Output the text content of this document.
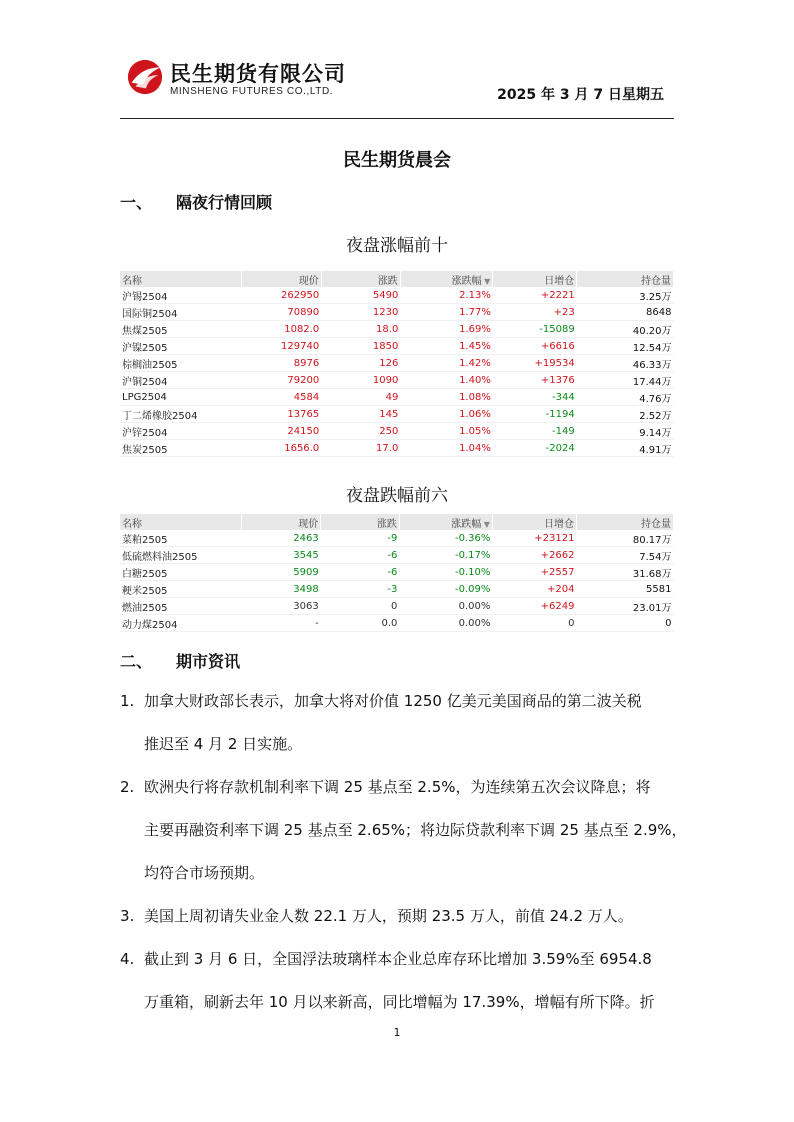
民生期货有限公司
MINSHENG FUTURES CO.,LTD.	2025 年 3 月 7 日星期五
民生期货晨会
一、 隔夜行情回顾
夜盘涨幅前十
名称	现价	涨跌	涨跌幅 ▼	日增仓	持仓量
沪锡2504	262950	5490	2.13%	+2221	3.25万
国际铜2504	70890	1230	1.77%	+23	8648
焦煤2505	1082.0	18.0	1.69%	-15089	40.20万
沪镍2505	129740	1850	1.45%	+6616	12.54万
棕榈油2505	8976	126	1.42%	+19534	46.33万
沪铜2504	79200	1090	1.40%	+1376	17.44万
LPG2504	4584	49	1.08%	-344	4.76万
丁二烯橡胶2504	13765	145	1.06%	-1194	2.52万
沪锌2504	24150	250	1.05%	-149	9.14万
焦炭2505	1656.0	17.0	1.04%	-2024	4.91万
夜盘跌幅前六
名称	现价	涨跌	涨跌幅 ▼	日增仓	持仓量
菜粕2505	2463	-9	-0.36%	+23121	80.17万
低硫燃料油2505	3545	-6	-0.17%	+2662	7.54万
白糖2505	5909	-6	-0.10%	+2557	31.68万
粳米2505	3498	-3	-0.09%	+204	5581
燃油2505	3063	0	0.00%	+6249	23.01万
动力煤2504	-	0.0	0.00%	0	0
二、 期市资讯
1. 加拿大财政部长表示，加拿大将对价值 1250 亿美元美国商品的第二波关税
推迟至 4 月 2 日实施。
2. 欧洲央行将存款机制利率下调 25 基点至 2.5%，为连续第五次会议降息；将
主要再融资利率下调 25 基点至 2.65%；将边际贷款利率下调 25 基点至 2.9%，
均符合市场预期。
3. 美国上周初请失业金人数 22.1 万人，预期 23.5 万人，前值 24.2 万人。
4. 截止到 3 月 6 日，全国浮法玻璃样本企业总库存环比增加 3.59%至 6954.8
万重箱，刷新去年 10 月以来新高，同比增幅为 17.39%，增幅有所下降。折
1
